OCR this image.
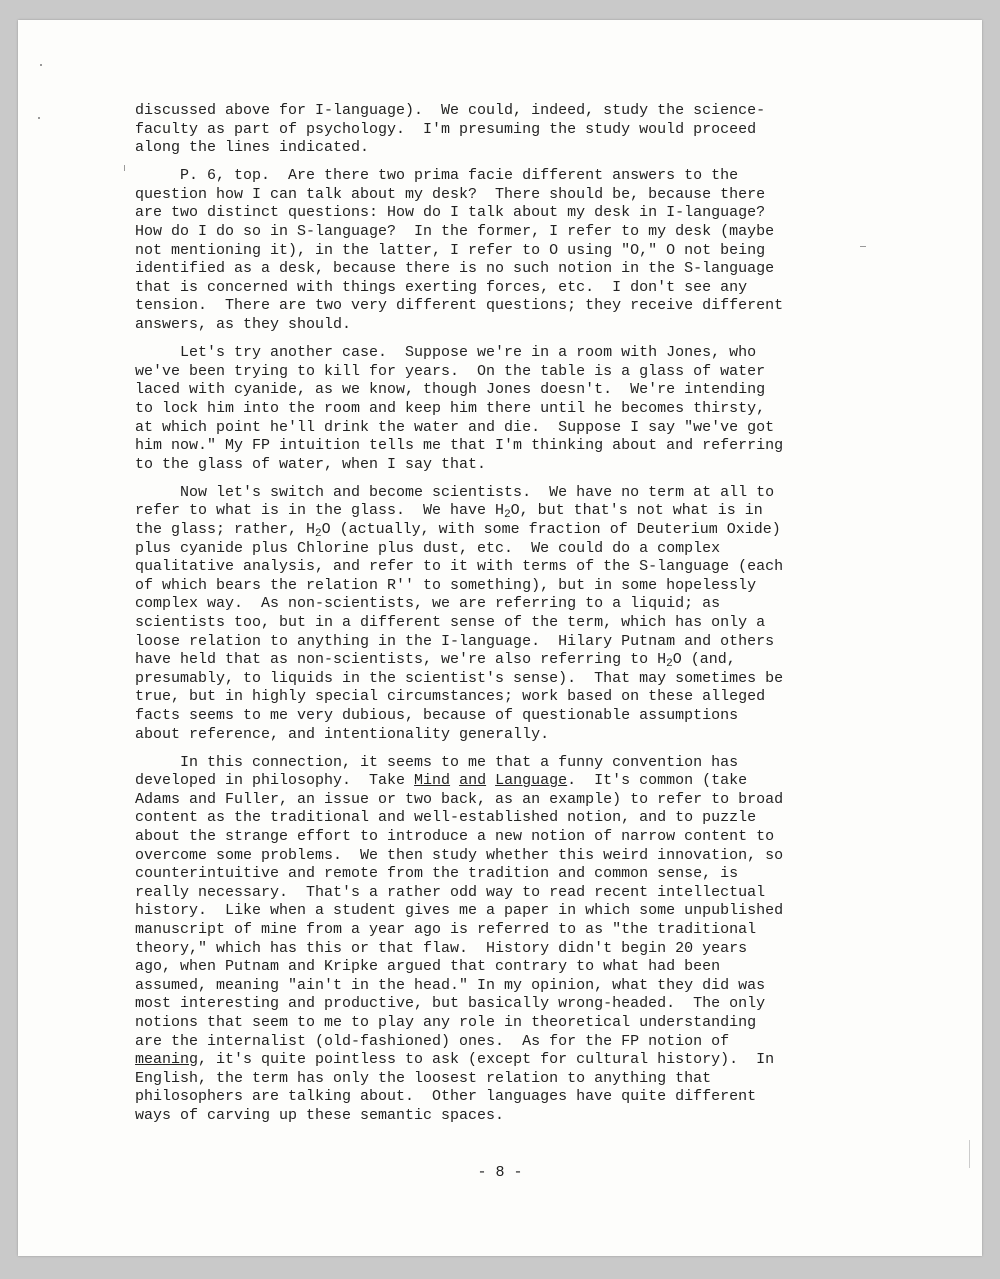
discussed above for I-language).  We could, indeed, study the science-
faculty as part of psychology.  I'm presuming the study would proceed
along the lines indicated.
P. 6, top.  Are there two prima facie different answers to the
question how I can talk about my desk?  There should be, because there
are two distinct questions: How do I talk about my desk in I-language?
How do I do so in S-language?  In the former, I refer to my desk (maybe
not mentioning it), in the latter, I refer to O using "O," O not being
identified as a desk, because there is no such notion in the S-language
that is concerned with things exerting forces, etc.  I don't see any
tension.  There are two very different questions; they receive different
answers, as they should.
Let's try another case.  Suppose we're in a room with Jones, who
we've been trying to kill for years.  On the table is a glass of water
laced with cyanide, as we know, though Jones doesn't.  We're intending
to lock him into the room and keep him there until he becomes thirsty,
at which point he'll drink the water and die.  Suppose I say "we've got
him now." My FP intuition tells me that I'm thinking about and referring
to the glass of water, when I say that.
Now let's switch and become scientists.  We have no term at all to
refer to what is in the glass.  We have $H_2O$, but that's not what is in
the glass; rather, $H_2O$ (actually, with some fraction of Deuterium Oxide)
plus cyanide plus Chlorine plus dust, etc.  We could do a complex
qualitative analysis, and refer to it with terms of the S-language (each
of which bears the relation R'' to something), but in some hopelessly
complex way.  As non-scientists, we are referring to a liquid; as
scientists too, but in a different sense of the term, which has only a
loose relation to anything in the I-language.  Hilary Putnam and others
have held that as non-scientists, we're also referring to $H_2O$ (and,
presumably, to liquids in the scientist's sense).  That may sometimes be
true, but in highly special circumstances; work based on these alleged
facts seems to me very dubious, because of questionable assumptions
about reference, and intentionality generally.
In this connection, it seems to me that a funny convention has
developed in philosophy.  Take Mind and Language.  It's common (take
Adams and Fuller, an issue or two back, as an example) to refer to broad
content as the traditional and well-established notion, and to puzzle
about the strange effort to introduce a new notion of narrow content to
overcome some problems.  We then study whether this weird innovation, so
counterintuitive and remote from the tradition and common sense, is
really necessary.  That's a rather odd way to read recent intellectual
history.  Like when a student gives me a paper in which some unpublished
manuscript of mine from a year ago is referred to as "the traditional
theory," which has this or that flaw.  History didn't begin 20 years
ago, when Putnam and Kripke argued that contrary to what had been
assumed, meaning "ain't in the head." In my opinion, what they did was
most interesting and productive, but basically wrong-headed.  The only
notions that seem to me to play any role in theoretical understanding
are the internalist (old-fashioned) ones.  As for the FP notion of
meaning, it's quite pointless to ask (except for cultural history).  In
English, the term has only the loosest relation to anything that
philosophers are talking about.  Other languages have quite different
ways of carving up these semantic spaces.
- 8 -
